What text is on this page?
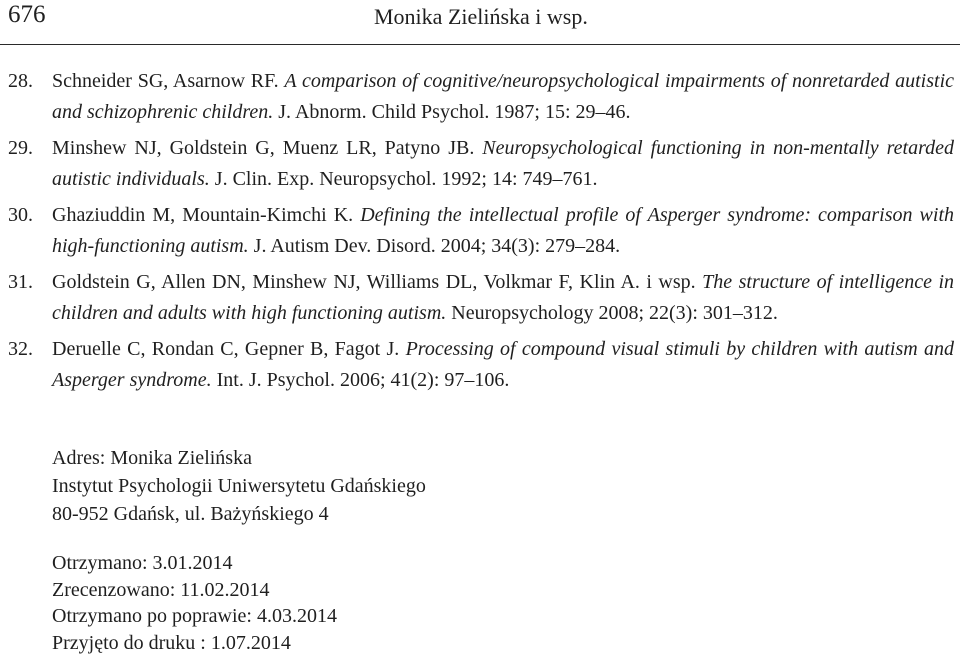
676	Monika Zielińska i wsp.
28. Schneider SG, Asarnow RF. A comparison of cognitive/neuropsychological impairments of nonretarded autistic and schizophrenic children. J. Abnorm. Child Psychol. 1987; 15: 29–46.
29. Minshew NJ, Goldstein G, Muenz LR, Patyno JB. Neuropsychological functioning in non-mentally retarded autistic individuals. J. Clin. Exp. Neuropsychol. 1992; 14: 749–761.
30. Ghaziuddin M, Mountain-Kimchi K. Defining the intellectual profile of Asperger syndrome: comparison with high-functioning autism. J. Autism Dev. Disord. 2004; 34(3): 279–284.
31. Goldstein G, Allen DN, Minshew NJ, Williams DL, Volkmar F, Klin A. i wsp. The structure of intelligence in children and adults with high functioning autism. Neuropsychology 2008; 22(3): 301–312.
32. Deruelle C, Rondan C, Gepner B, Fagot J. Processing of compound visual stimuli by children with autism and Asperger syndrome. Int. J. Psychol. 2006; 41(2): 97–106.
Adres: Monika Zielińska
Instytut Psychologii Uniwersytetu Gdańskiego
80-952 Gdańsk, ul. Bażyńskiego 4
Otrzymano: 3.01.2014
Zrecenzowano: 11.02.2014
Otrzymano po poprawie: 4.03.2014
Przyjęto do druku : 1.07.2014
